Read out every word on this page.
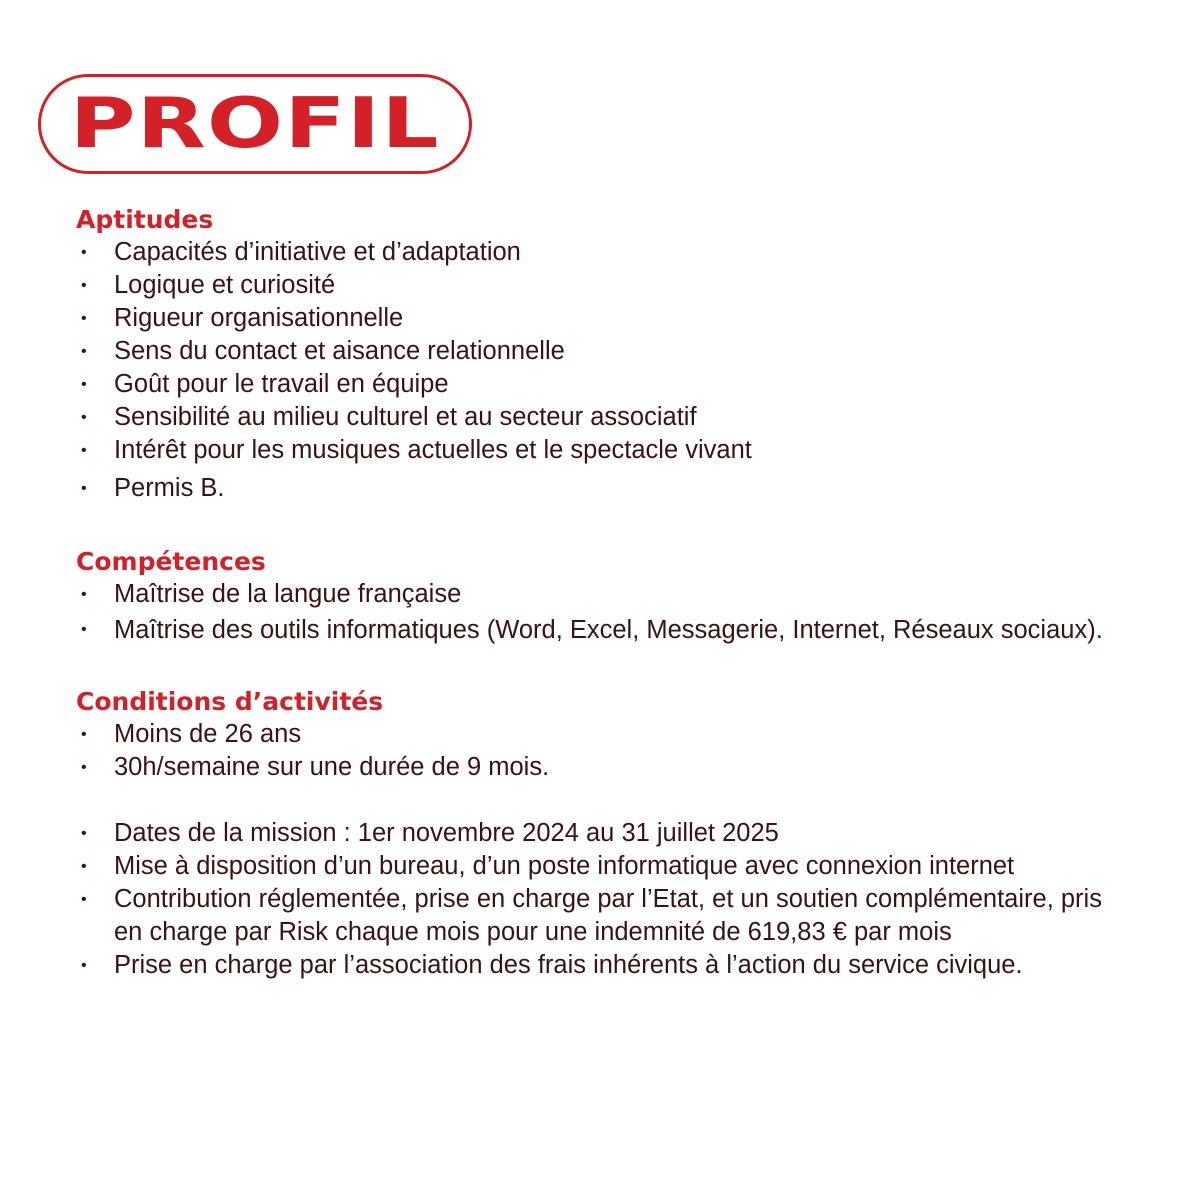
PROFIL
Aptitudes
• Capacités d’initiative et d’adaptation
• Logique et curiosité
• Rigueur organisationnelle
• Sens du contact et aisance relationnelle
• Goût pour le travail en équipe
• Sensibilité au milieu culturel et au secteur associatif
• Intérêt pour les musiques actuelles et le spectacle vivant
• Permis B.
Compétences
• Maîtrise de la langue française
• Maîtrise des outils informatiques (Word, Excel, Messagerie, Internet, Réseaux sociaux).
Conditions d’activités
• Moins de 26 ans
• 30h/semaine sur une durée de 9 mois.
• Dates de la mission : 1er novembre 2024 au 31 juillet 2025
• Mise à disposition d’un bureau, d’un poste informatique avec connexion internet
• Contribution réglementée, prise en charge par l’Etat, et un soutien complémentaire, pris en charge par Risk chaque mois pour une indemnité de 619,83 € par mois
• Prise en charge par l’association des frais inhérents à l’action du service civique.
